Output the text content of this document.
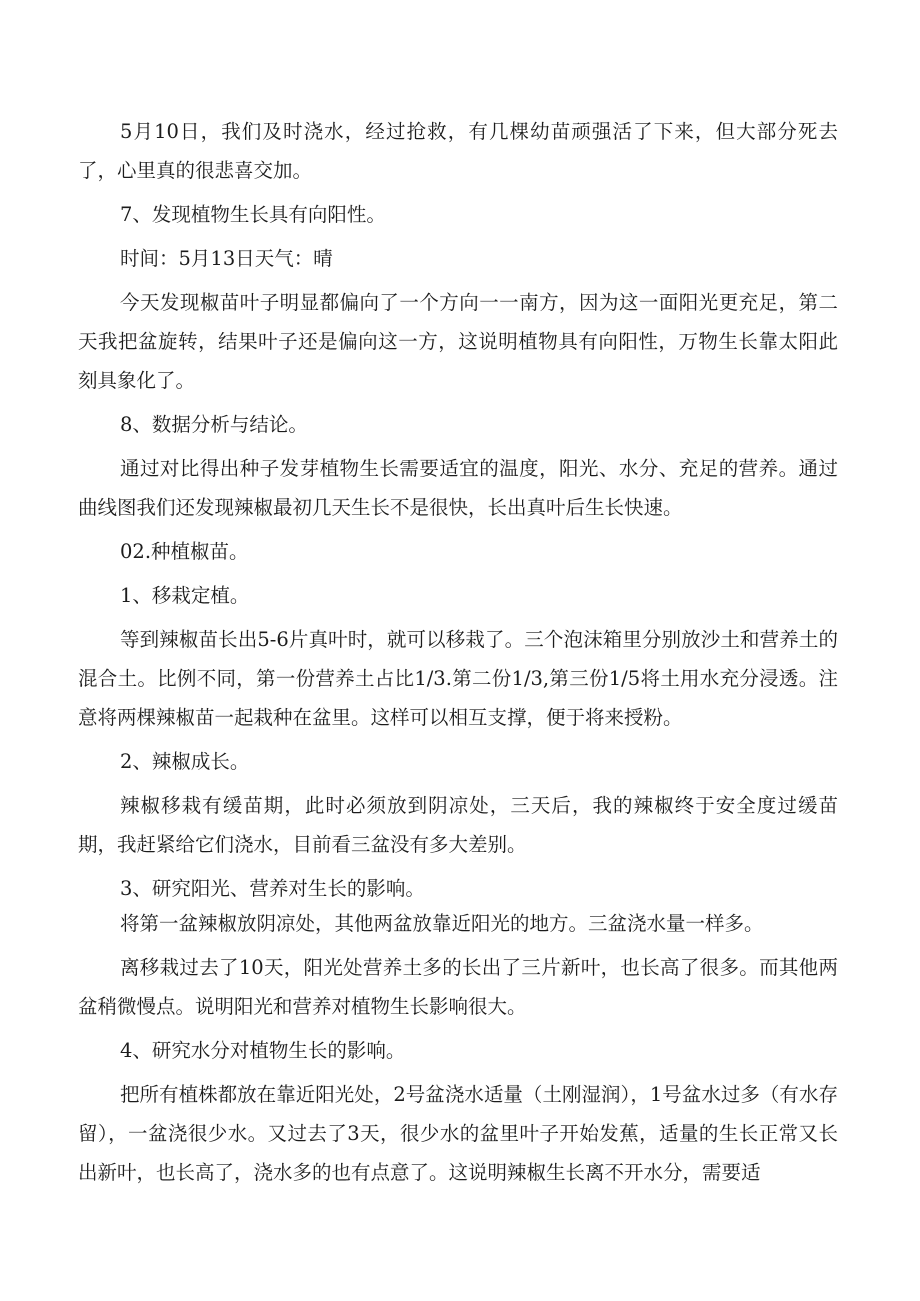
5月10日，我们及时浇水，经过抢救，有几棵幼苗顽强活了下来，但大部分死去了，心里真的很悲喜交加。

7、发现植物生长具有向阳性。

时间：5月13日天气：晴

今天发现椒苗叶子明显都偏向了一个方向一一南方，因为这一面阳光更充足，第二天我把盆旋转，结果叶子还是偏向这一方，这说明植物具有向阳性，万物生长靠太阳此刻具象化了。

8、数据分析与结论。

通过对比得出种子发芽植物生长需要适宜的温度，阳光、水分、充足的营养。通过曲线图我们还发现辣椒最初几天生长不是很快，长出真叶后生长快速。

02.种植椒苗。

1、移栽定植。

等到辣椒苗长出5-6片真叶时，就可以移栽了。三个泡沫箱里分别放沙土和营养土的混合土。比例不同，第一份营养土占比1/3.第二份1/3,第三份1/5将土用水充分浸透。注意将两棵辣椒苗一起栽种在盆里。这样可以相互支撑，便于将来授粉。

2、辣椒成长。

辣椒移栽有缓苗期，此时必须放到阴凉处，三天后，我的辣椒终于安全度过缓苗期，我赶紧给它们浇水，目前看三盆没有多大差别。

3、研究阳光、营养对生长的影响。

将第一盆辣椒放阴凉处，其他两盆放靠近阳光的地方。三盆浇水量一样多。

离移栽过去了10天，阳光处营养土多的长出了三片新叶，也长高了很多。而其他两盆稍微慢点。说明阳光和营养对植物生长影响很大。

4、研究水分对植物生长的影响。

把所有植株都放在靠近阳光处，2号盆浇水适量（土刚湿润），1号盆水过多（有水存留），一盆浇很少水。又过去了3天，很少水的盆里叶子开始发蕉，适量的生长正常又长出新叶，也长高了，浇水多的也有点意了。这说明辣椒生长离不开水分，需要适
